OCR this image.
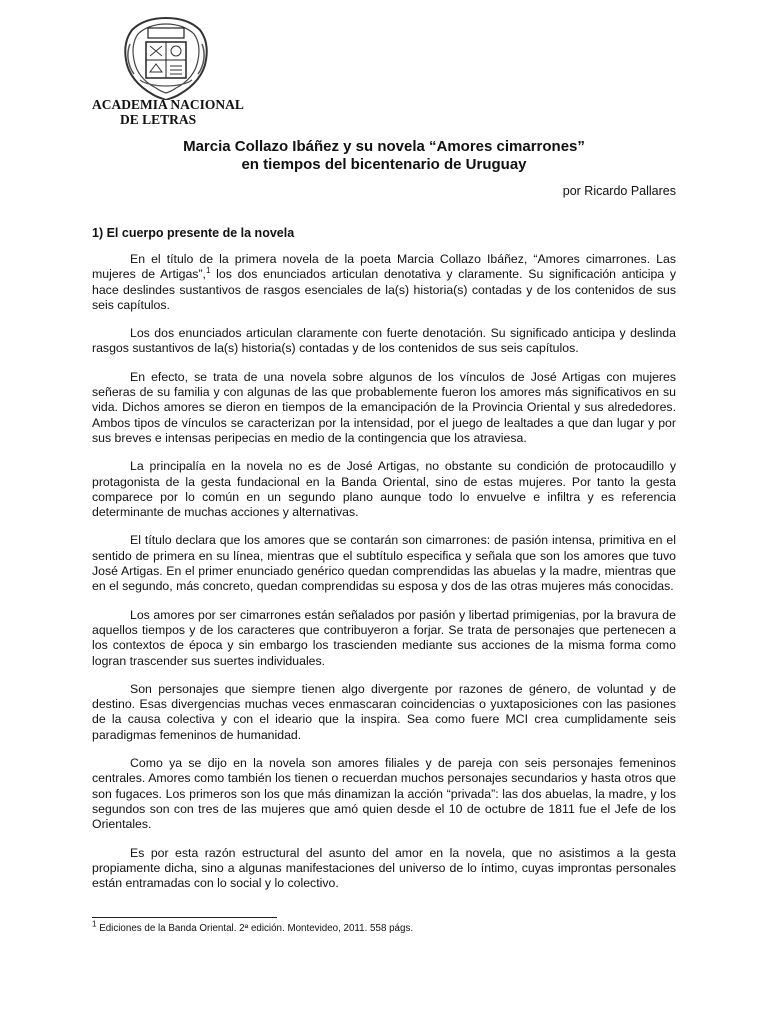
ACADEMIA NACIONAL
DE LETRAS
Marcia Collazo Ibáñez y su novela “Amores cimarrones”
en tiempos del bicentenario de Uruguay
por Ricardo Pallares
1) El cuerpo presente de la novela

En el título de la primera novela de la poeta Marcia Collazo Ibáñez, “Amores cimarrones. Las mujeres de Artigas”,$^1$ los dos enunciados articulan denotativa y claramente. Su significación anticipa y hace deslindes sustantivos de rasgos esenciales de la(s) historia(s) contadas y de los contenidos de sus seis capítulos.

Los dos enunciados articulan claramente con fuerte denotación. Su significado anticipa y deslinda rasgos sustantivos de la(s) historia(s) contadas y de los contenidos de sus seis capítulos.

En efecto, se trata de una novela sobre algunos de los vínculos de José Artigas con mujeres señeras de su familia y con algunas de las que probablemente fueron los amores más significativos en su vida. Dichos amores se dieron en tiempos de la emancipación de la Provincia Oriental y sus alrededores. Ambos tipos de vínculos se caracterizan por la intensidad, por el juego de lealtades a que dan lugar y por sus breves e intensas peripecias en medio de la contingencia que los atraviesa.

La principalía en la novela no es de José Artigas, no obstante su condición de protocaudillo y protagonista de la gesta fundacional en la Banda Oriental, sino de estas mujeres. Por tanto la gesta comparece por lo común en un segundo plano aunque todo lo envuelve e infiltra y es referencia determinante de muchas acciones y alternativas.

El título declara que los amores que se contarán son cimarrones: de pasión intensa, primitiva en el sentido de primera en su línea, mientras que el subtítulo especifica y señala que son los amores que tuvo José Artigas. En el primer enunciado genérico quedan comprendidas las abuelas y la madre, mientras que en el segundo, más concreto, quedan comprendidas su esposa y dos de las otras mujeres más conocidas.

Los amores por ser cimarrones están señalados por pasión y libertad primigenias, por la bravura de aquellos tiempos y de los caracteres que contribuyeron a forjar. Se trata de personajes que pertenecen a los contextos de época y sin embargo los trascienden mediante sus acciones de la misma forma como logran trascender sus suertes individuales.

Son personajes que siempre tienen algo divergente por razones de género, de voluntad y de destino. Esas divergencias muchas veces enmascaran coincidencias o yuxtaposiciones con las pasiones de la causa colectiva y con el ideario que la inspira. Sea como fuere MCI crea cumplidamente seis paradigmas femeninos de humanidad.

Como ya se dijo en la novela son amores filiales y de pareja con seis personajes femeninos centrales. Amores como también los tienen o recuerdan muchos personajes secundarios y hasta otros que son fugaces. Los primeros son los que más dinamizan la acción “privada”: las dos abuelas, la madre, y los segundos son con tres de las mujeres que amó quien desde el 10 de octubre de 1811 fue el Jefe de los Orientales.

Es por esta razón estructural del asunto del amor en la novela, que no asistimos a la gesta propiamente dicha, sino a algunas manifestaciones del universo de lo íntimo, cuyas improntas personales están entramadas con lo social y lo colectivo.

$^1$ Ediciones de la Banda Oriental. 2ª edición. Montevideo, 2011. 558 págs.
